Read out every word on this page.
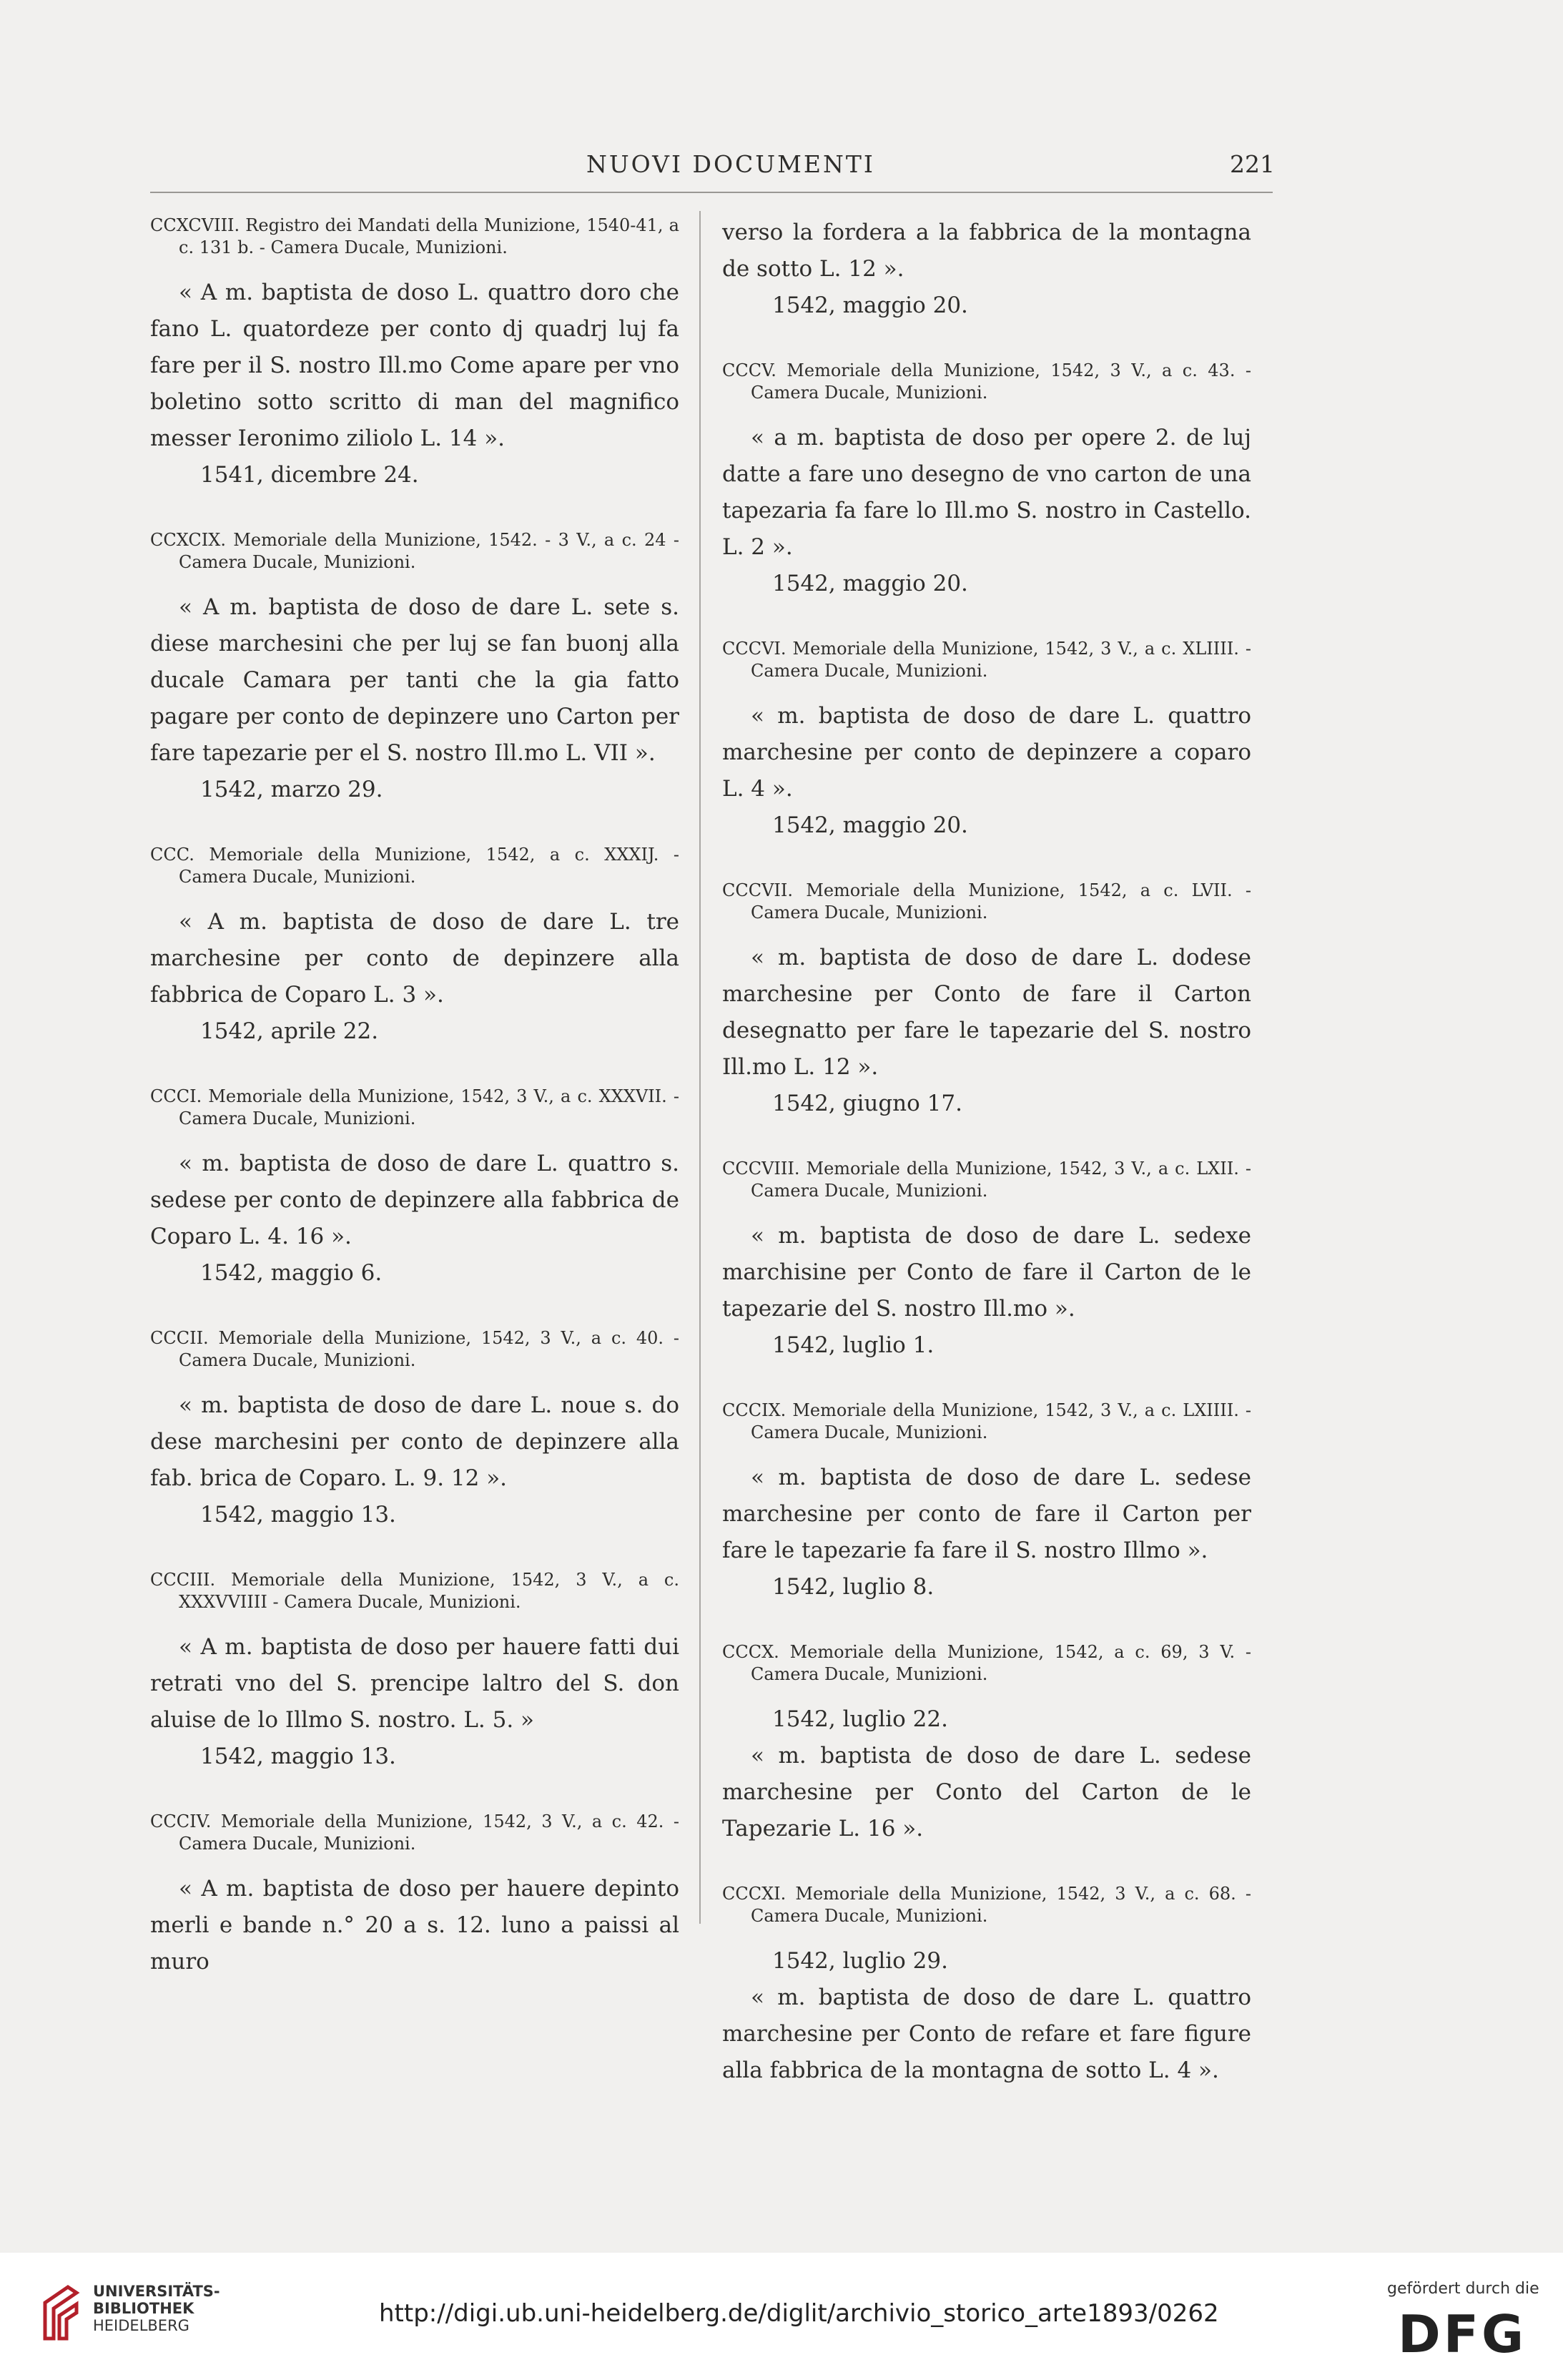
NUOVI DOCUMENTI	221
CCXCVIII. Registro dei Mandati della Munizione, 1540-41, a c. 131 b. - Camera Ducale, Munizioni.
« A m. baptista de doso L. quattro doro che fano L. quatordeze per conto dj quadrj luj fa fare per il S. nostro Ill.mo Come apare per vno boletino sotto scritto di man del magnifico messer Ieronimo ziliolo L. 14 ».
1541, dicembre 24.
CCXCIX. Memoriale della Munizione, 1542. - 3 V., a c. 24 - Camera Ducale, Munizioni.
« A m. baptista de doso de dare L. sete s. diese marchesini che per luj se fan buonj alla ducale Camara per tanti che la gia fatto pagare per conto de depinzere uno Carton per fare tapezarie per el S. nostro Ill.mo L. VII ».
1542, marzo 29.
CCC. Memoriale della Munizione, 1542, a c. XXXIJ. - Camera Ducale, Munizioni.
« A m. baptista de doso de dare L. tre marchesine per conto de depinzere alla fabbrica de Coparo L. 3 ».
1542, aprile 22.
CCCI. Memoriale della Munizione, 1542, 3 V., a c. XXXVII. - Camera Ducale, Munizioni.
« m. baptista de doso de dare L. quattro s. sedese per conto de depinzere alla fabbrica de Coparo L. 4. 16 ».
1542, maggio 6.
CCCII. Memoriale della Munizione, 1542, 3 V., a c. 40. - Camera Ducale, Munizioni.
« m. baptista de doso de dare L. noue s. do dese marchesini per conto de depinzere alla fab. brica de Coparo. L. 9. 12 ».
1542, maggio 13.
CCCIII. Memoriale della Munizione, 1542, 3 V., a c. XXXVVIIII - Camera Ducale, Munizioni.
« A m. baptista de doso per hauere fatti dui retrati vno del S. prencipe laltro del S. don aluise de lo Illmo S. nostro. L. 5. »
1542, maggio 13.
CCCIV. Memoriale della Munizione, 1542, 3 V., a c. 42. - Camera Ducale, Munizioni.
« A m. baptista de doso per hauere depinto merli e bande n.° 20 a s. 12. luno a paissi al muro
verso la fordera a la fabbrica de la montagna de sotto L. 12 ».
1542, maggio 20.
CCCV. Memoriale della Munizione, 1542, 3 V., a c. 43. - Camera Ducale, Munizioni.
« a m. baptista de doso per opere 2. de luj datte a fare uno desegno de vno carton de una tapezaria fa fare lo Ill.mo S. nostro in Castello. L. 2 ».
1542, maggio 20.
CCCVI. Memoriale della Munizione, 1542, 3 V., a c. XLIIII. - Camera Ducale, Munizioni.
« m. baptista de doso de dare L. quattro marchesine per conto de depinzere a coparo L. 4 ».
1542, maggio 20.
CCCVII. Memoriale della Munizione, 1542, a c. LVII. - Camera Ducale, Munizioni.
« m. baptista de doso de dare L. dodese marchesine per Conto de fare il Carton desegnatto per fare le tapezarie del S. nostro Ill.mo L. 12 ».
1542, giugno 17.
CCCVIII. Memoriale della Munizione, 1542, 3 V., a c. LXII. - Camera Ducale, Munizioni.
« m. baptista de doso de dare L. sedexe marchisine per Conto de fare il Carton de le tapezarie del S. nostro Ill.mo ».
1542, luglio 1.
CCCIX. Memoriale della Munizione, 1542, 3 V., a c. LXIIII. - Camera Ducale, Munizioni.
« m. baptista de doso de dare L. sedese marchesine per conto de fare il Carton per fare le tapezarie fa fare il S. nostro Illmo ».
1542, luglio 8.
CCCX. Memoriale della Munizione, 1542, a c. 69, 3 V. - Camera Ducale, Munizioni.
1542, luglio 22.
« m. baptista de doso de dare L. sedese marchesine per Conto del Carton de le Tapezarie L. 16 ».
CCCXI. Memoriale della Munizione, 1542, 3 V., a c. 68. - Camera Ducale, Munizioni.
1542, luglio 29.
« m. baptista de doso de dare L. quattro marchesine per Conto de refare et fare figure alla fabbrica de la montagna de sotto L. 4 ».
UNIVERSITÄTS-
BIBLIOTHEK
HEIDELBERG	http://digi.ub.uni-heidelberg.de/diglit/archivio_storico_arte1893/0262
gefördert durch die
DFG
